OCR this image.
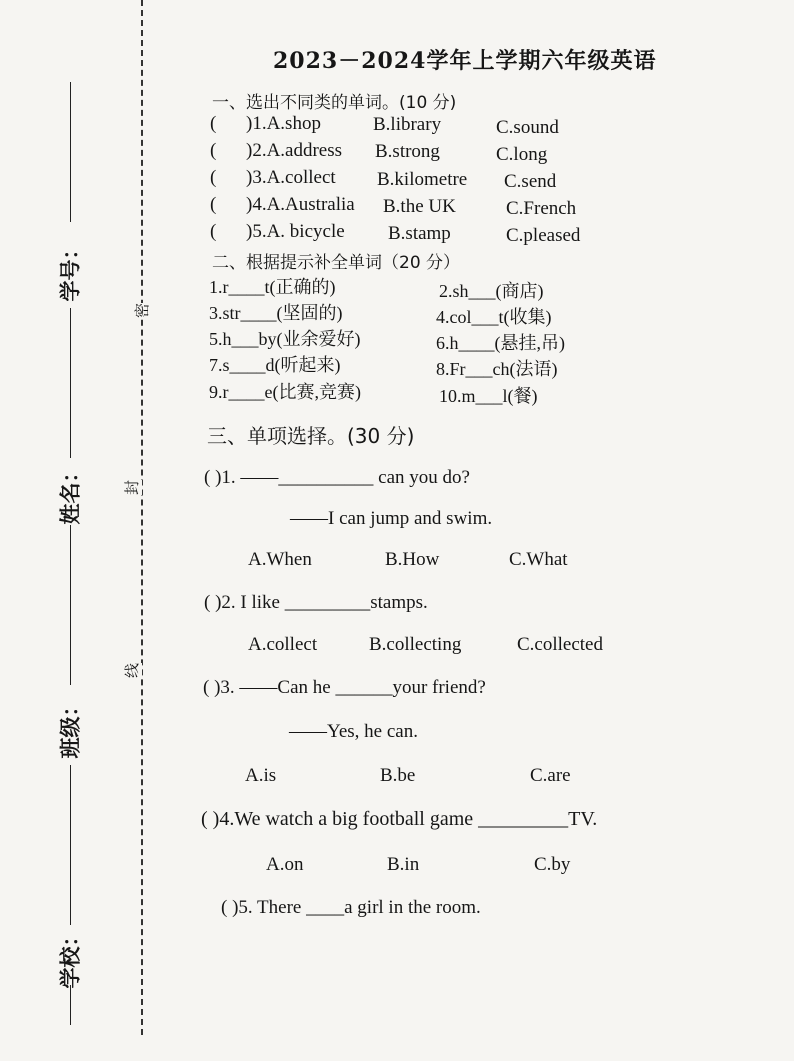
学号：
姓名：
班级：
学校：
密
封
线
2023－2024学年上学期六年级英语
一、选出不同类的单词。(10 分)
( )1.A.shop	B.library	C.sound
( )2.A.address B.strong	C.long
( )3.A.collect B.kilometre C.send
( )4.A.Australia B.the UK	C.French
( )5.A. bicycle B.stamp	C.pleased
二、根据提示补全单词（20 分）
1.r____t(正确的)	2.sh___(商店)
3.str____(坚固的)	4.col___t(收集)
5.h___by(业余爱好)	6.h____(悬挂,吊)
7.s____d(听起来)	8.Fr___ch(法语)
9.r____e(比赛,竞赛)	10.m___l(餐)
三、单项选择。(30 分)
( )1. ——__________ can you do?
——I can jump and swim.
A.When	B.How	C.What
( )2. I like _________stamps.
A.collect	B.collecting	C.collected
( )3. ——Can he ______your friend?
——Yes, he can.
A.is	B.be	C.are
( )4.We watch a big football game _________TV.
A.on	B.in	C.by
( )5. There ____a girl in the room.
